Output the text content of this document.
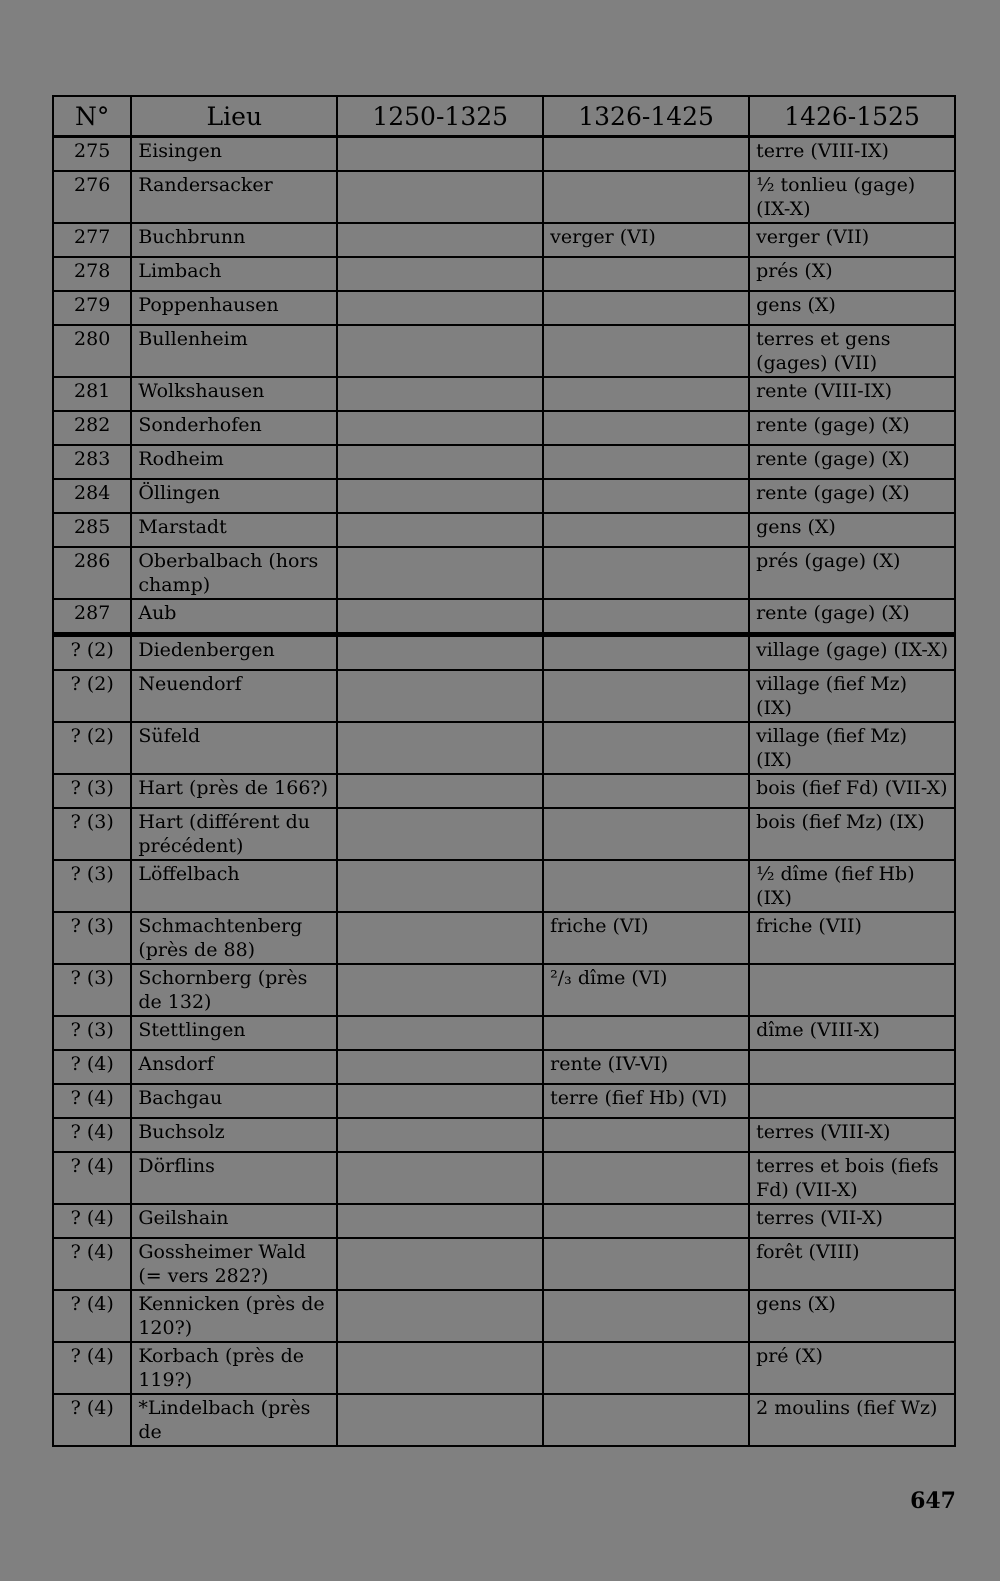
N°	Lieu	1250-1325	1326-1425	1426-1525
275	Eisingen			terre (VIII-IX)
276	Randersacker			½ tonlieu (gage) (IX-X)
277	Buchbrunn		verger (VI)	verger (VII)
278	Limbach			prés (X)
279	Poppenhausen			gens (X)
280	Bullenheim			terres et gens (gages) (VII)
281	Wolkshausen			rente (VIII-IX)
282	Sonderhofen			rente (gage) (X)
283	Rodheim			rente (gage) (X)
284	Öllingen			rente (gage) (X)
285	Marstadt			gens (X)
286	Oberbalbach (hors champ)			prés (gage) (X)
287	Aub			rente (gage) (X)
? (2)	Diedenbergen			village (gage) (IX-X)
? (2)	Neuendorf			village (fief Mz) (IX)
? (2)	Süfeld			village (fief Mz) (IX)
? (3)	Hart (près de 166?)			bois (fief Fd) (VII-X)
? (3)	Hart (différent du précédent)			bois (fief Mz) (IX)
? (3)	Löffelbach			½ dîme (fief Hb) (IX)
? (3)	Schmachtenberg (près de 88)		friche (VI)	friche (VII)
? (3)	Schornberg (près de 132)		²/₃ dîme (VI)	
? (3)	Stettlingen			dîme (VIII-X)
? (4)	Ansdorf		rente (IV-VI)	
? (4)	Bachgau		terre (fief Hb) (VI)	
? (4)	Buchsolz			terres (VIII-X)
? (4)	Dörflins			terres et bois (fiefs Fd) (VII-X)
? (4)	Geilshain			terres (VII-X)
? (4)	Gossheimer Wald (= vers 282?)			forêt (VIII)
? (4)	Kennicken (près de 120?)			gens (X)
? (4)	Korbach (près de 119?)			pré (X)
? (4)	*Lindelbach (près de			2 moulins (fief Wz)
647
